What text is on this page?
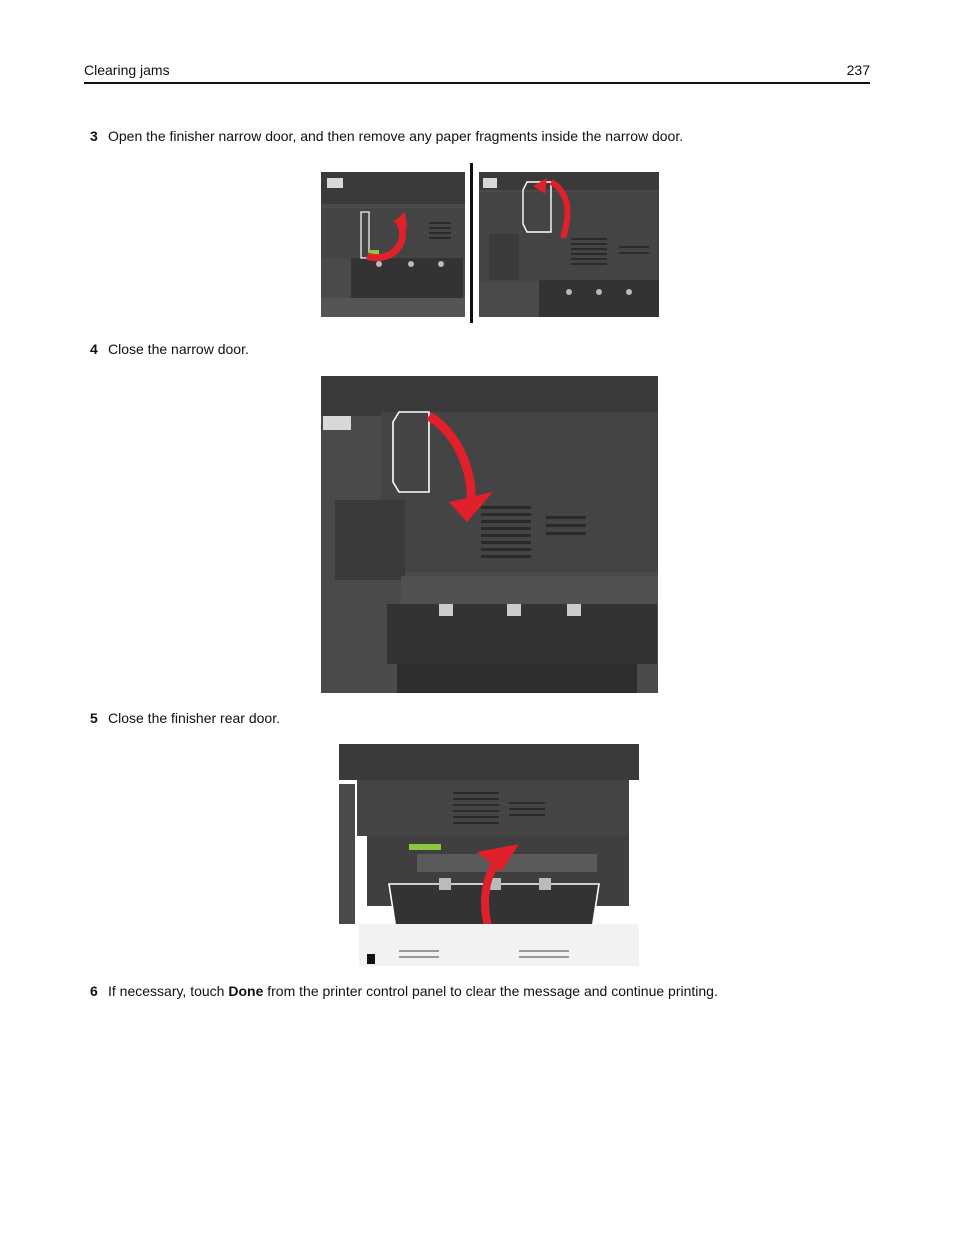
Clearing jams	237
3 Open the finisher narrow door, and then remove any paper fragments inside the narrow door.
4 Close the narrow door.
5 Close the finisher rear door.
6 If necessary, touch Done from the printer control panel to clear the message and continue printing.
